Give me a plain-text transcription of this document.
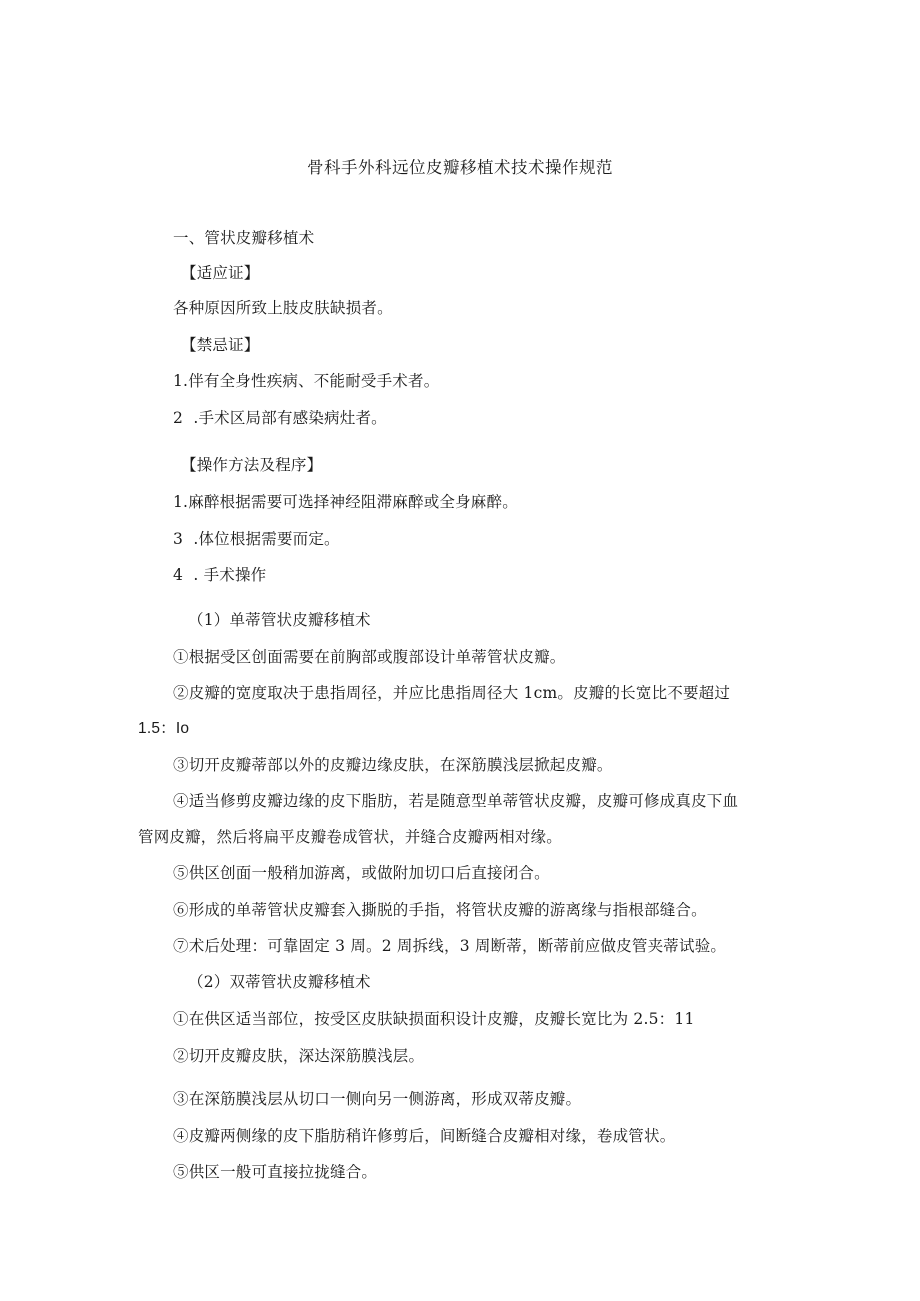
骨科手外科远位皮瓣移植术技术操作规范
一、管状皮瓣移植术
【适应证】
各种原因所致上肢皮肤缺损者。
【禁忌证】
1.伴有全身性疾病、不能耐受手术者。
2  .手术区局部有感染病灶者。
【操作方法及程序】
1.麻醉根据需要可选择神经阻滞麻醉或全身麻醉。
3  .体位根据需要而定。
4  . 手术操作
（1）单蒂管状皮瓣移植术
①根据受区创面需要在前胸部或腹部设计单蒂管状皮瓣。
②皮瓣的宽度取决于患指周径，并应比患指周径大 1cm。皮瓣的长宽比不要超过
1.5：Io
③切开皮瓣蒂部以外的皮瓣边缘皮肤，在深筋膜浅层掀起皮瓣。
④适当修剪皮瓣边缘的皮下脂肪，若是随意型单蒂管状皮瓣，皮瓣可修成真皮下血
管网皮瓣，然后将扁平皮瓣卷成管状，并缝合皮瓣两相对缘。
⑤供区创面一般稍加游离，或做附加切口后直接闭合。
⑥形成的单蒂管状皮瓣套入撕脱的手指，将管状皮瓣的游离缘与指根部缝合。
⑦术后处理：可靠固定 3 周。2 周拆线，3 周断蒂，断蒂前应做皮管夹蒂试验。
（2）双蒂管状皮瓣移植术
①在供区适当部位，按受区皮肤缺损面积设计皮瓣，皮瓣长宽比为 2.5：11
②切开皮瓣皮肤，深达深筋膜浅层。
③在深筋膜浅层从切口一侧向另一侧游离，形成双蒂皮瓣。
④皮瓣两侧缘的皮下脂肪稍许修剪后，间断缝合皮瓣相对缘，卷成管状。
⑤供区一般可直接拉拢缝合。
